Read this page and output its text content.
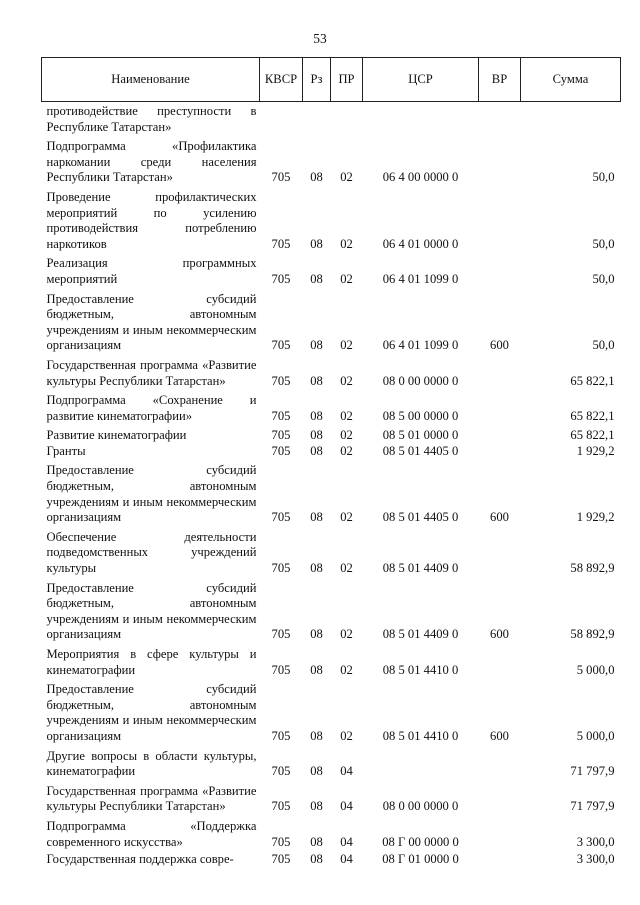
53
Наименование	КВСР	Рз	ПР	ЦСР	ВР	Сумма
противодействие преступности в Республике Татарстан»						
Подпрограмма «Профилактика наркомании среди населения Республики Татарстан»	705	08	02	06 4 00 0000 0		50,0
Проведение профилактических мероприятий по усилению противодействия потреблению наркотиков	705	08	02	06 4 01 0000 0		50,0
Реализация программных мероприятий	705	08	02	06 4 01 1099 0		50,0
Предоставление субсидий бюджетным, автономным учреждениям и иным некоммерческим организациям	705	08	02	06 4 01 1099 0	600	50,0
Государственная программа «Развитие культуры Республики Татарстан»	705	08	02	08 0 00 0000 0		65 822,1
Подпрограмма «Сохранение и развитие кинематографии»	705	08	02	08 5 00 0000 0		65 822,1
Развитие кинематографии	705	08	02	08 5 01 0000 0		65 822,1
Гранты	705	08	02	08 5 01 4405 0		1 929,2
Предоставление субсидий бюджетным, автономным учреждениям и иным некоммерческим организациям	705	08	02	08 5 01 4405 0	600	1 929,2
Обеспечение деятельности подведомственных учреждений культуры	705	08	02	08 5 01 4409 0		58 892,9
Предоставление субсидий бюджетным, автономным учреждениям и иным некоммерческим организациям	705	08	02	08 5 01 4409 0	600	58 892,9
Мероприятия в сфере культуры и кинематографии	705	08	02	08 5 01 4410 0		5 000,0
Предоставление субсидий бюджетным, автономным учреждениям и иным некоммерческим организациям	705	08	02	08 5 01 4410 0	600	5 000,0
Другие вопросы в области культуры, кинематографии	705	08	04			71 797,9
Государственная программа «Развитие культуры Республики Татарстан»	705	08	04	08 0 00 0000 0		71 797,9
Подпрограмма «Поддержка современного искусства»	705	08	04	08 Г 00 0000 0		3 300,0
Государственная поддержка совре-	705	08	04	08 Г 01 0000 0		3 300,0
